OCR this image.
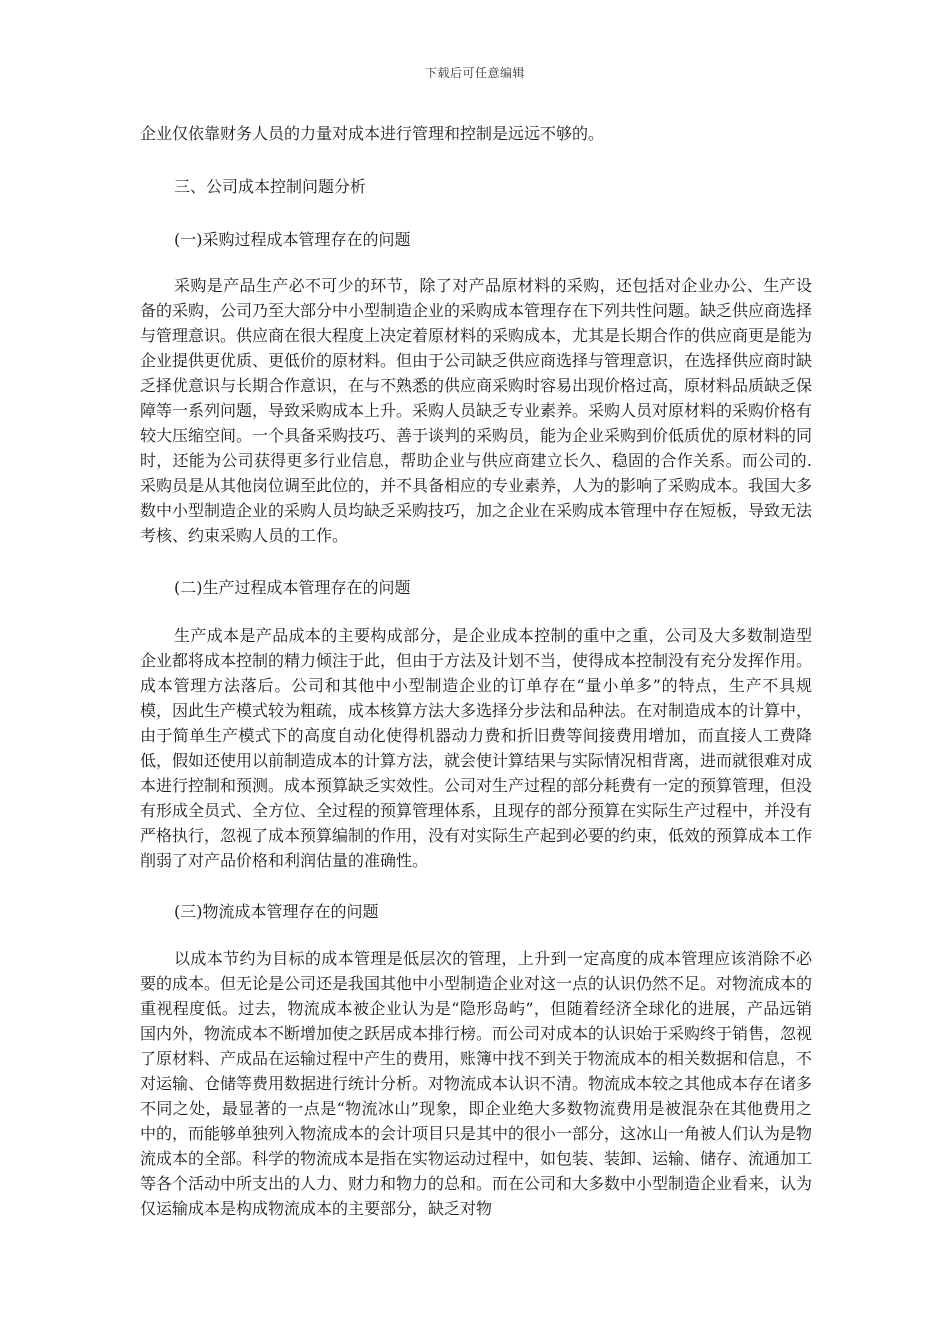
下载后可任意编辑
企业仅依靠财务人员的力量对成本进行管理和控制是远远不够的。
三、公司成本控制问题分析
(一)采购过程成本管理存在的问题
采购是产品生产必不可少的环节，除了对产品原材料的采购，还包括对企业办公、生产设备的采购，公司乃至大部分中小型制造企业的采购成本管理存在下列共性问题。缺乏供应商选择与管理意识。供应商在很大程度上决定着原材料的采购成本，尤其是长期合作的供应商更是能为企业提供更优质、更低价的原材料。但由于公司缺乏供应商选择与管理意识，在选择供应商时缺乏择优意识与长期合作意识，在与不熟悉的供应商采购时容易出现价格过高，原材料品质缺乏保障等一系列问题，导致采购成本上升。采购人员缺乏专业素养。采购人员对原材料的采购价格有较大压缩空间。一个具备采购技巧、善于谈判的采购员，能为企业采购到价低质优的原材料的同时，还能为公司获得更多行业信息，帮助企业与供应商建立长久、稳固的合作关系。而公司的.采购员是从其他岗位调至此位的，并不具备相应的专业素养，人为的影响了采购成本。我国大多数中小型制造企业的采购人员均缺乏采购技巧，加之企业在采购成本管理中存在短板，导致无法考核、约束采购人员的工作。
(二)生产过程成本管理存在的问题
生产成本是产品成本的主要构成部分，是企业成本控制的重中之重，公司及大多数制造型企业都将成本控制的精力倾注于此，但由于方法及计划不当，使得成本控制没有充分发挥作用。成本管理方法落后。公司和其他中小型制造企业的订单存在“量小单多”的特点，生产不具规模，因此生产模式较为粗疏，成本核算方法大多选择分步法和品种法。在对制造成本的计算中，由于简单生产模式下的高度自动化使得机器动力费和折旧费等间接费用增加，而直接人工费降低，假如还使用以前制造成本的计算方法，就会使计算结果与实际情况相背离，进而就很难对成本进行控制和预测。成本预算缺乏实效性。公司对生产过程的部分耗费有一定的预算管理，但没有形成全员式、全方位、全过程的预算管理体系，且现存的部分预算在实际生产过程中，并没有严格执行，忽视了成本预算编制的作用，没有对实际生产起到必要的约束，低效的预算成本工作削弱了对产品价格和利润估量的准确性。
(三)物流成本管理存在的问题
以成本节约为目标的成本管理是低层次的管理，上升到一定高度的成本管理应该消除不必要的成本。但无论是公司还是我国其他中小型制造企业对这一点的认识仍然不足。对物流成本的重视程度低。过去，物流成本被企业认为是“隐形岛屿”，但随着经济全球化的进展，产品远销国内外，物流成本不断增加使之跃居成本排行榜。而公司对成本的认识始于采购终于销售，忽视了原材料、产成品在运输过程中产生的费用，账簿中找不到关于物流成本的相关数据和信息，不对运输、仓储等费用数据进行统计分析。对物流成本认识不清。物流成本较之其他成本存在诸多不同之处，最显著的一点是“物流冰山”现象，即企业绝大多数物流费用是被混杂在其他费用之中的，而能够单独列入物流成本的会计项目只是其中的很小一部分，这冰山一角被人们认为是物流成本的全部。科学的物流成本是指在实物运动过程中，如包装、装卸、运输、储存、流通加工等各个活动中所支出的人力、财力和物力的总和。而在公司和大多数中小型制造企业看来，认为仅运输成本是构成物流成本的主要部分，缺乏对物
